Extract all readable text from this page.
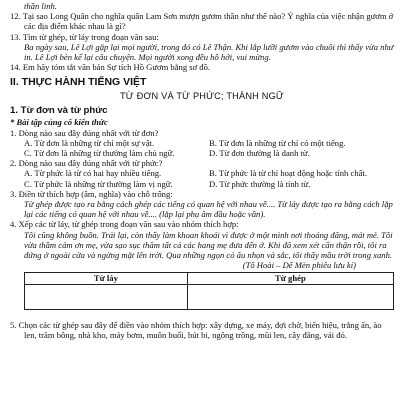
thần linh.

12. Tại sao Long Quân cho nghĩa quân Lam Sơn mượn gươm thần như thế nào? Ý nghĩa của việc nhận gươm ở các địa điểm khác nhau là gì?

13. Tìm từ ghép, từ láy trong đoạn văn sau:

Ba ngày sau, Lê Lợi gặp lại mọi người, trong đó có Lê Thận. Khi lắp lưỡi gươm vào chuôi thì thấy vừa như in. Lê Lợi bèn kể lại câu chuyện. Mọi người xong đều hồ hởi, vui mừng.

14. Em hãy tóm tắt văn bản Sự tích Hồ Gươm bằng sơ đồ.

II. THỰC HÀNH TIẾNG VIỆT
TỪ ĐƠN VÀ TỪ PHỨC; THÀNH NGỮ
1. Từ đơn và từ phức

* Bài tập củng cố kiến thức

1. Dòng nào sau đây đúng nhất với từ đơn?

A. Từ đơn là những từ chỉ một sự vật.	B. Từ đơn là những từ chỉ có một tiếng.
C. Từ đơn là những từ thường làm chủ ngữ.	D. Từ đơn thường là danh từ.

2. Dòng nào sau đây đúng nhất với từ phức?

A. Từ phức là từ có hai hay nhiều tiếng.	B. Từ phức là từ chỉ hoạt động hoặc tính chất.
C. Từ phức là những từ thường làm vị ngữ.	D. Từ phức thường là tính từ.

3. Điền từ thích hợp (âm, nghĩa) vào chỗ trống:

Từ ghép được tạo ra bằng cách ghép các tiếng có quan hệ với nhau về.... Từ láy được tạo ra bằng cách lặp lại các tiếng có quan hệ với nhau về.... (lặp lại phụ âm đầu hoặc vần).

4. Xếp các từ láy, từ ghép trong đoạn văn sau vào nhóm thích hợp:

Tôi cũng không buồn. Trái lại, còn thấy làm khoan khoái vì được ở một mình nơi thoáng đãng, mát mẻ. Tôi vừa thầm cảm ơn mẹ, vừa sạo sục thăm tất cả các hang mẹ đưa đến ở. Khi đã xem xét cẩn thận rồi, tôi ra đứng ở ngoài cửa và ngửng mặt lên trời. Qua những ngọn cỏ ấu nhọn và sắc, tôi thấy mầu trời trong xanh.

(Tô Hoài – Dế Mèn phiêu lưu kí)

Từ láy	Từ ghép

5. Chọn các từ ghép sau đây để điền vào nhóm thích hợp: xây dựng, xe máy, đợi chờ, biến hiệu, trắng ấn, ào len, trăm bông, nhà kho, máy bơm, muôn buổi, bút bi, ngông trồng, mũi len, cây đăng, vải đỏ.
